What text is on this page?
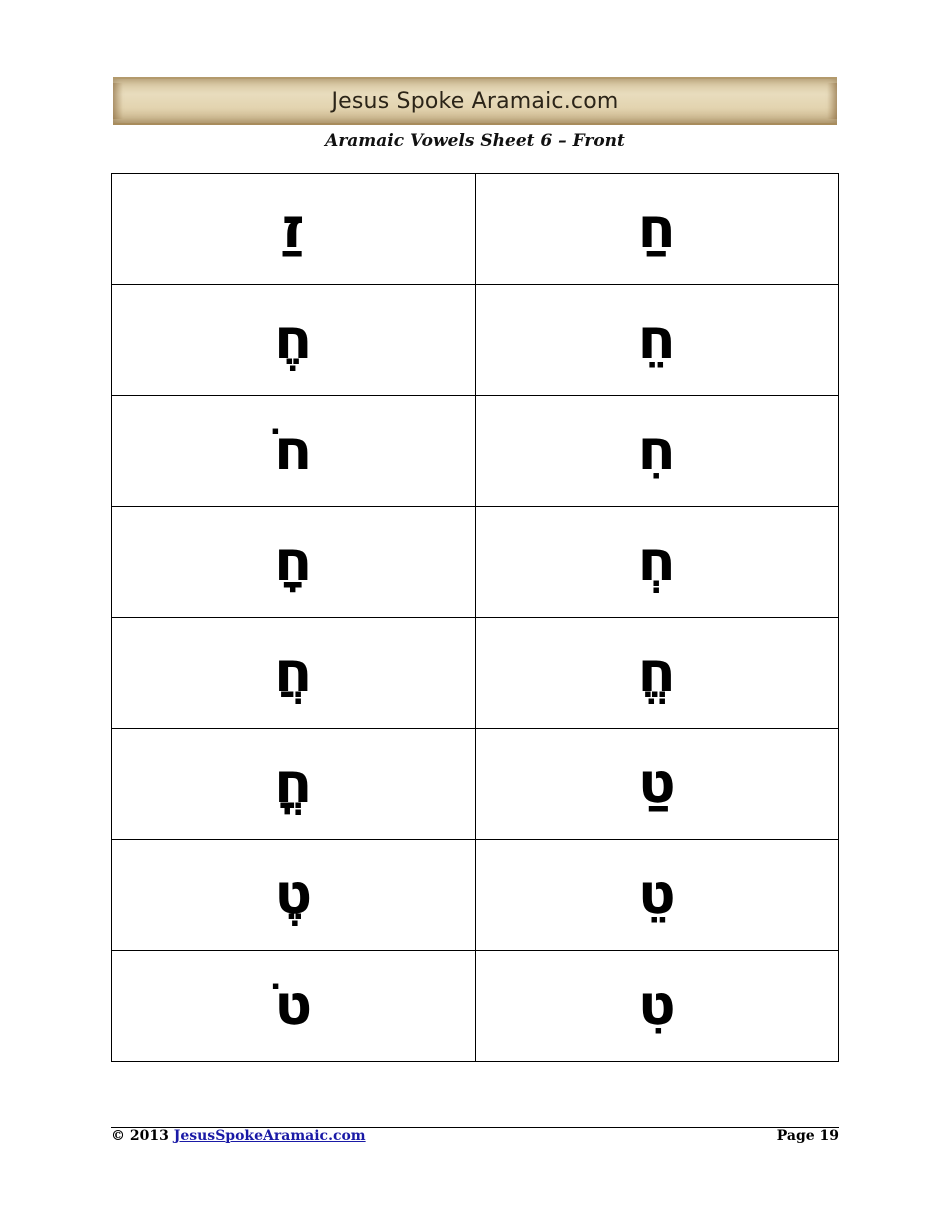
Jesus Spoke Aramaic.com
Aramaic Vowels Sheet 6 – Front
זַ	חַ
חֶ	חֵ
חֹ	חִ
חָ	חְ
חֲ	חֱ
חֳ	טַ
טֶ	טֵ
טֹ	טִ
© 2013 JesusSpokeAramaic.com	Page 19
